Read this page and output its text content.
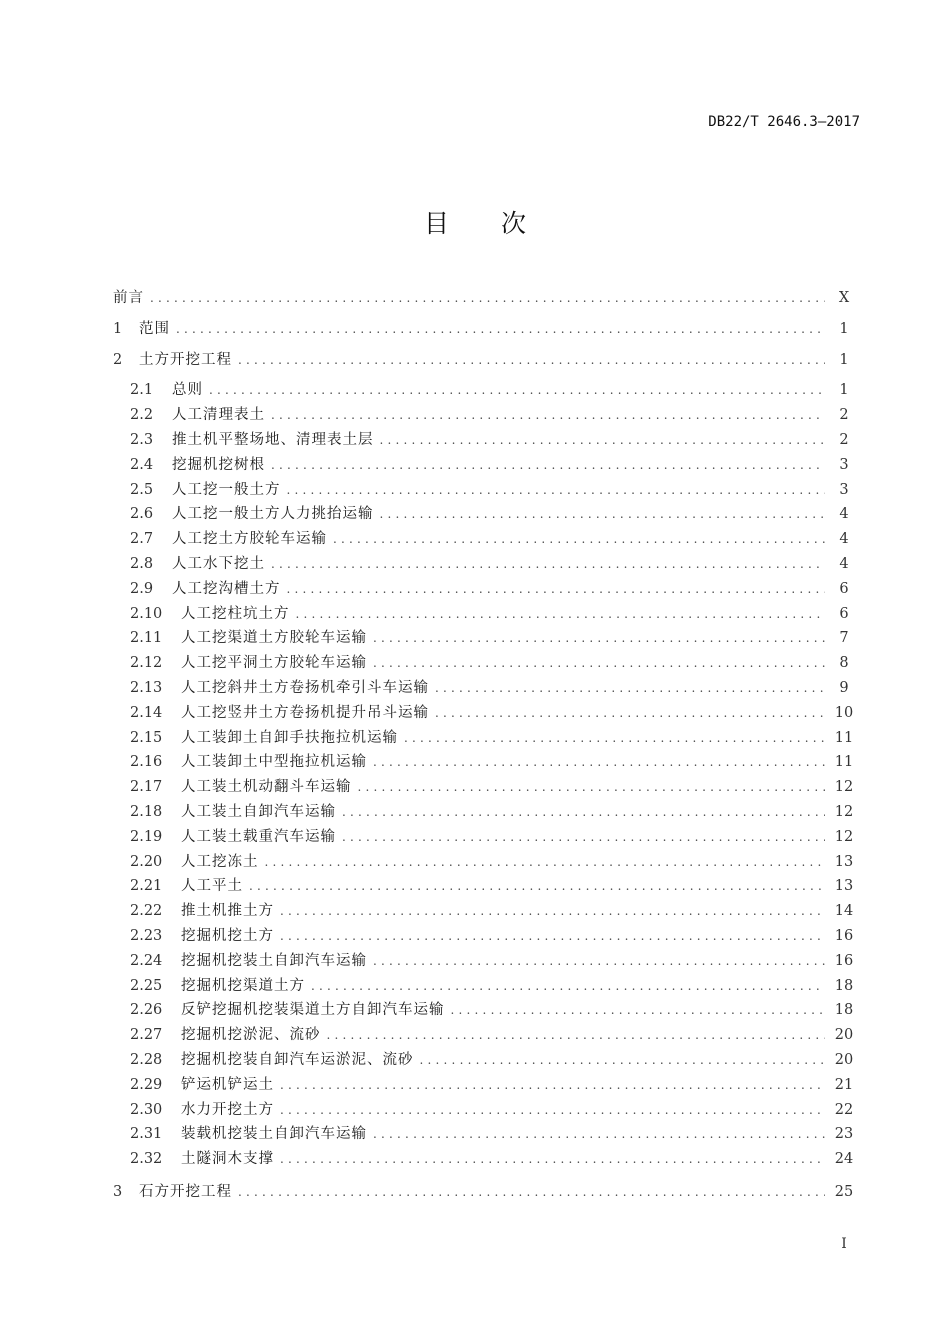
DB22/T 2646.3—2017
目 次
前言 .....	X
1	范围 .....	1
2	土方开挖工程 .....	1
2.1	总则 .....	1
2.2	人工清理表土 .....	2
2.3	推土机平整场地、清理表土层 .....	2
2.4	挖掘机挖树根 .....	3
2.5	人工挖一般土方 .....	3
2.6	人工挖一般土方人力挑抬运输 .....	4
2.7	人工挖土方胶轮车运输 .....	4
2.8	人工水下挖土 .....	4
2.9	人工挖沟槽土方 .....	6
2.10	人工挖柱坑土方 .....	6
2.11	人工挖渠道土方胶轮车运输 .....	7
2.12	人工挖平洞土方胶轮车运输 .....	8
2.13	人工挖斜井土方卷扬机牵引斗车运输 .....	9
2.14	人工挖竖井土方卷扬机提升吊斗运输 .....	10
2.15	人工装卸土自卸手扶拖拉机运输 .....	11
2.16	人工装卸土中型拖拉机运输 .....	11
2.17	人工装土机动翻斗车运输 .....	12
2.18	人工装土自卸汽车运输 .....	12
2.19	人工装土载重汽车运输 .....	12
2.20	人工挖冻土 .....	13
2.21	人工平土 .....	13
2.22	推土机推土方 .....	14
2.23	挖掘机挖土方 .....	16
2.24	挖掘机挖装土自卸汽车运输 .....	16
2.25	挖掘机挖渠道土方 .....	18
2.26	反铲挖掘机挖装渠道土方自卸汽车运输 .....	18
2.27	挖掘机挖淤泥、流砂 .....	20
2.28	挖掘机挖装自卸汽车运淤泥、流砂 .....	20
2.29	铲运机铲运土 .....	21
2.30	水力开挖土方 .....	22
2.31	装载机挖装土自卸汽车运输 .....	23
2.32	土隧洞木支撑 .....	24
3	石方开挖工程 .....	25
I
